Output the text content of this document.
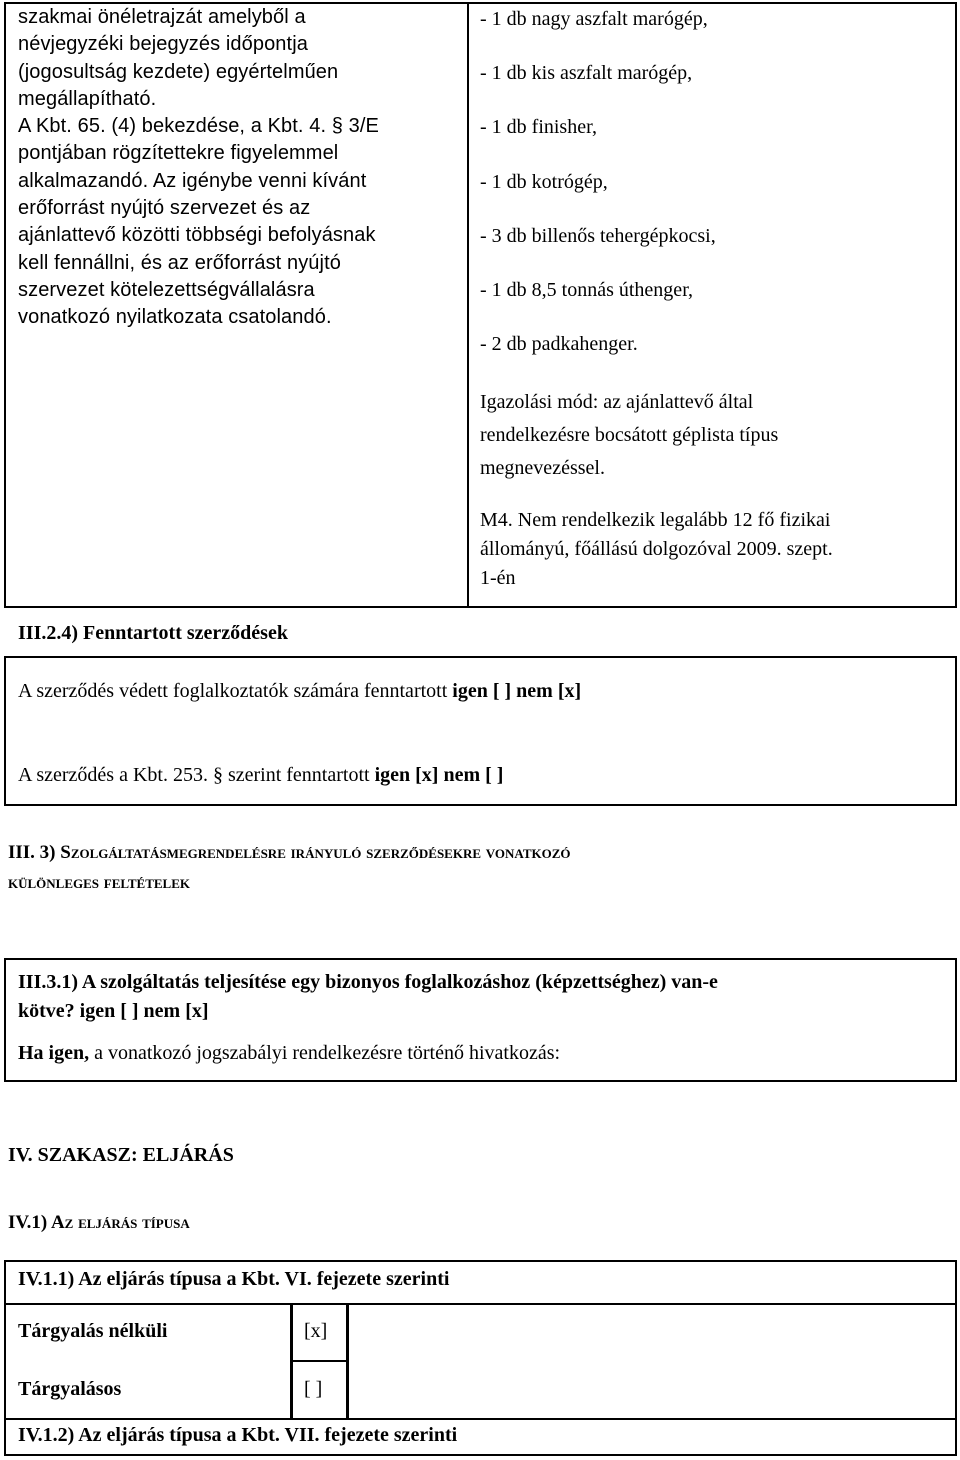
szakmai önéletrajzát amelyből a
névjegyzéki bejegyzés időpontja
(jogosultság kezdete) egyértelműen
megállapítható.
A Kbt. 65. (4) bekezdése, a Kbt. 4. § 3/E
pontjában rögzítettekre figyelemmel
alkalmazandó. Az igénybe venni kívánt
erőforrást nyújtó szervezet és az
ajánlattevő közötti többségi befolyásnak
kell fennállni, és az erőforrást nyújtó
szervezet kötelezettségvállalásra
vonatkozó nyilatkozata csatolandó.
- 1 db nagy aszfalt marógép,
- 1 db kis aszfalt marógép,
- 1 db finisher,
- 1 db kotrógép,
- 3 db billenős tehergépkocsi,
- 1 db 8,5 tonnás úthenger,
- 2 db padkahenger.
Igazolási mód: az ajánlattevő által
rendelkezésre bocsátott géplista típus
megnevezéssel.
M4. Nem rendelkezik legalább 12 fő fizikai
állományú, főállású dolgozóval 2009. szept.
1-én
III.2.4) Fenntartott szerződések
A szerződés védett foglalkoztatók számára fenntartott igen [ ] nem [x]
A szerződés a Kbt. 253. § szerint fenntartott igen [x] nem [ ]
III. 3) Szolgáltatásmegrendelésre irányuló szerződésekre vonatkozó
különleges feltételek
III.3.1) A szolgáltatás teljesítése egy bizonyos foglalkozáshoz (képzettséghez) van-e
kötve? igen [ ] nem [x]
Ha igen, a vonatkozó jogszabályi rendelkezésre történő hivatkozás:
IV. SZAKASZ: ELJÁRÁS
IV.1) Az eljárás típusa
IV.1.1) Az eljárás típusa a Kbt. VI. fejezete szerinti
Tárgyalás nélküli	[x]
Tárgyalásos	[ ]
IV.1.2) Az eljárás típusa a Kbt. VII. fejezete szerinti
